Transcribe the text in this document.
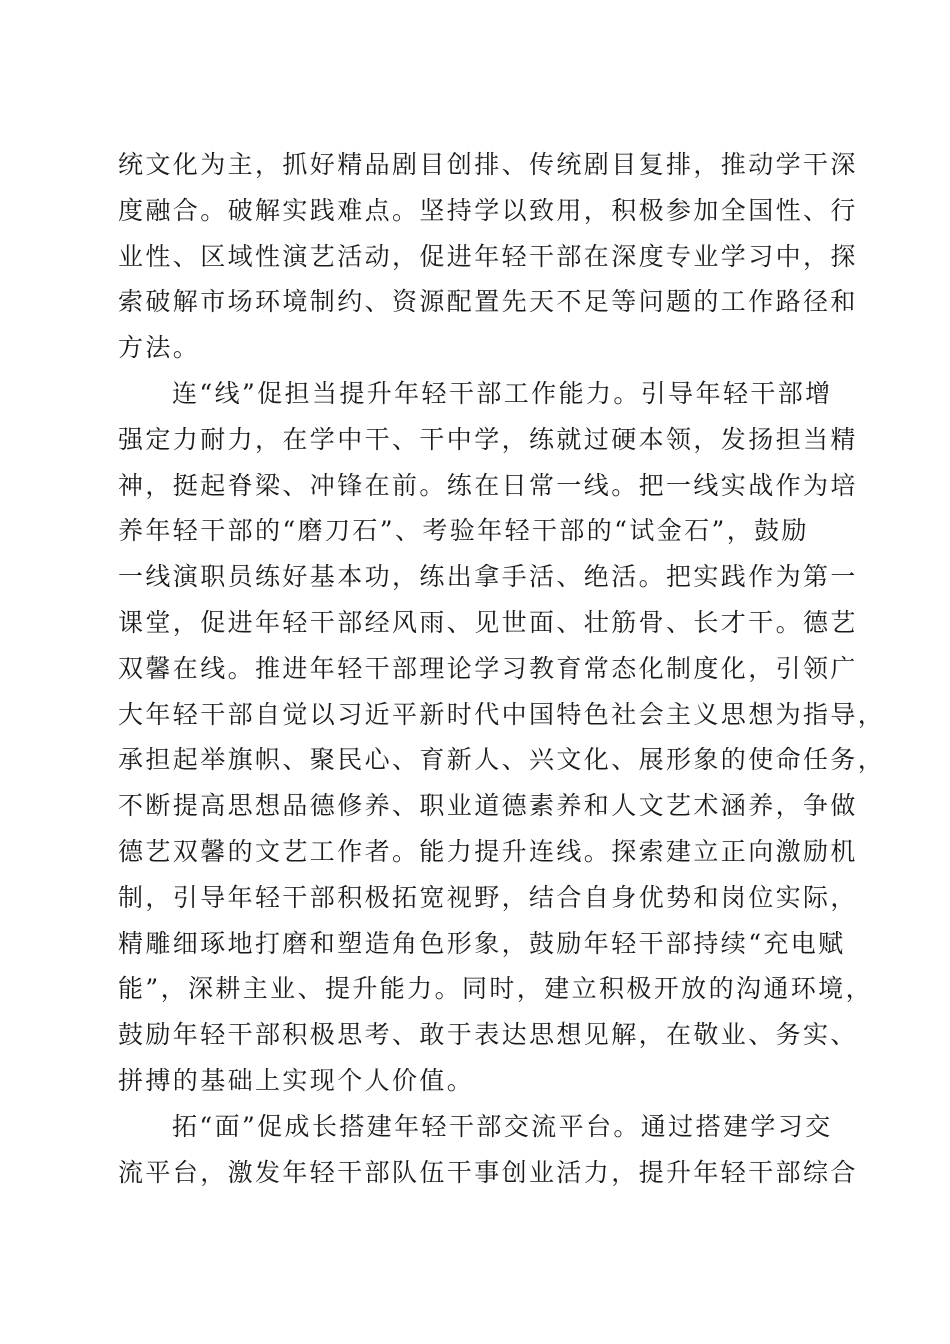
统文化为主，抓好精品剧目创排、传统剧目复排，推动学干深
度融合。破解实践难点。坚持学以致用，积极参加全国性、行
业性、区域性演艺活动，促进年轻干部在深度专业学习中，探
索破解市场环境制约、资源配置先天不足等问题的工作路径和
方法。
连“线”促担当提升年轻干部工作能力。引导年轻干部增
强定力耐力，在学中干、干中学，练就过硬本领，发扬担当精
神，挺起脊梁、冲锋在前。练在日常一线。把一线实战作为培
养年轻干部的“磨刀石”、考验年轻干部的“试金石”，鼓励
一线演职员练好基本功，练出拿手活、绝活。把实践作为第一
课堂，促进年轻干部经风雨、见世面、壮筋骨、长才干。德艺
双馨在线。推进年轻干部理论学习教育常态化制度化，引领广
大年轻干部自觉以习近平新时代中国特色社会主义思想为指导，
承担起举旗帜、聚民心、育新人、兴文化、展形象的使命任务，
不断提高思想品德修养、职业道德素养和人文艺术涵养，争做
德艺双馨的文艺工作者。能力提升连线。探索建立正向激励机
制，引导年轻干部积极拓宽视野，结合自身优势和岗位实际，
精雕细琢地打磨和塑造角色形象，鼓励年轻干部持续“充电赋
能”，深耕主业、提升能力。同时，建立积极开放的沟通环境，
鼓励年轻干部积极思考、敢于表达思想见解，在敬业、务实、
拼搏的基础上实现个人价值。
拓“面”促成长搭建年轻干部交流平台。通过搭建学习交
流平台，激发年轻干部队伍干事创业活力，提升年轻干部综合
